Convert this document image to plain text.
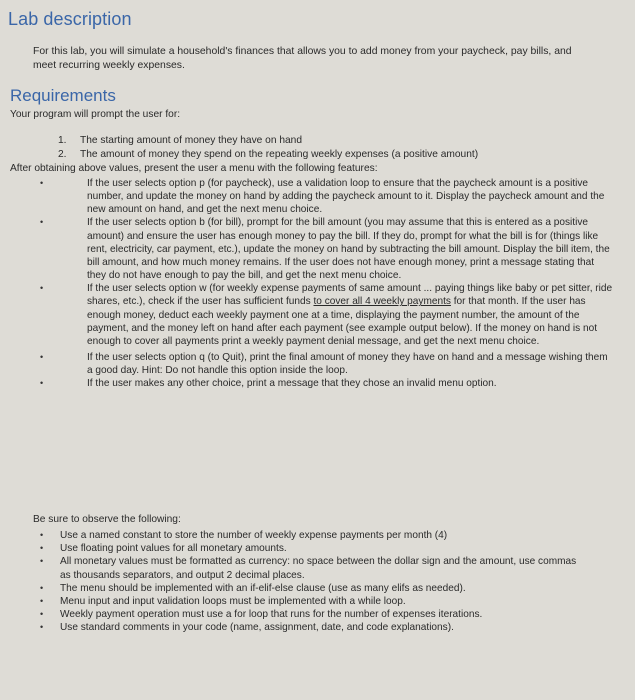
Lab description
For this lab, you will simulate a household's finances that allows you to add money from your paycheck, pay bills, and meet recurring weekly expenses.
Requirements
Your program will prompt the user for:
1. The starting amount of money they have on hand
2. The amount of money they spend on the repeating weekly expenses (a positive amount)
After obtaining above values, present the user a menu with the following features:
•	If the user selects option p (for paycheck), use a validation loop to ensure that the paycheck amount is a positive number, and update the money on hand by adding the paycheck amount to it. Display the paycheck amount and the new amount on hand, and get the next menu choice.
•	If the user selects option b (for bill), prompt for the bill amount (you may assume that this is entered as a positive amount) and ensure the user has enough money to pay the bill. If they do, prompt for what the bill is for (things like rent, electricity, car payment, etc.), update the money on hand by subtracting the bill amount. Display the bill item, the bill amount, and how much money remains. If the user does not have enough money, print a message stating that they do not have enough to pay the bill, and get the next menu choice.
•	If the user selects option w (for weekly expense payments of same amount ... paying things like baby or pet sitter, ride shares, etc.), check if the user has sufficient funds to cover all 4 weekly payments for that month. If the user has enough money, deduct each weekly payment one at a time, displaying the payment number, the amount of the payment, and the money left on hand after each payment (see example output below). If the money on hand is not enough to cover all payments print a weekly payment denial message, and get the next menu choice.
•	If the user selects option q (to Quit), print the final amount of money they have on hand and a message wishing them a good day. Hint: Do not handle this option inside the loop.
•	If the user makes any other choice, print a message that they chose an invalid menu option.
Be sure to observe the following:
• Use a named constant to store the number of weekly expense payments per month (4)
• Use floating point values for all monetary amounts.
• All monetary values must be formatted as currency: no space between the dollar sign and the amount, use commas as thousands separators, and output 2 decimal places.
• The menu should be implemented with an if-elif-else clause (use as many elifs as needed).
• Menu input and input validation loops must be implemented with a while loop.
• Weekly payment operation must use a for loop that runs for the number of expenses iterations.
• Use standard comments in your code (name, assignment, date, and code explanations).
